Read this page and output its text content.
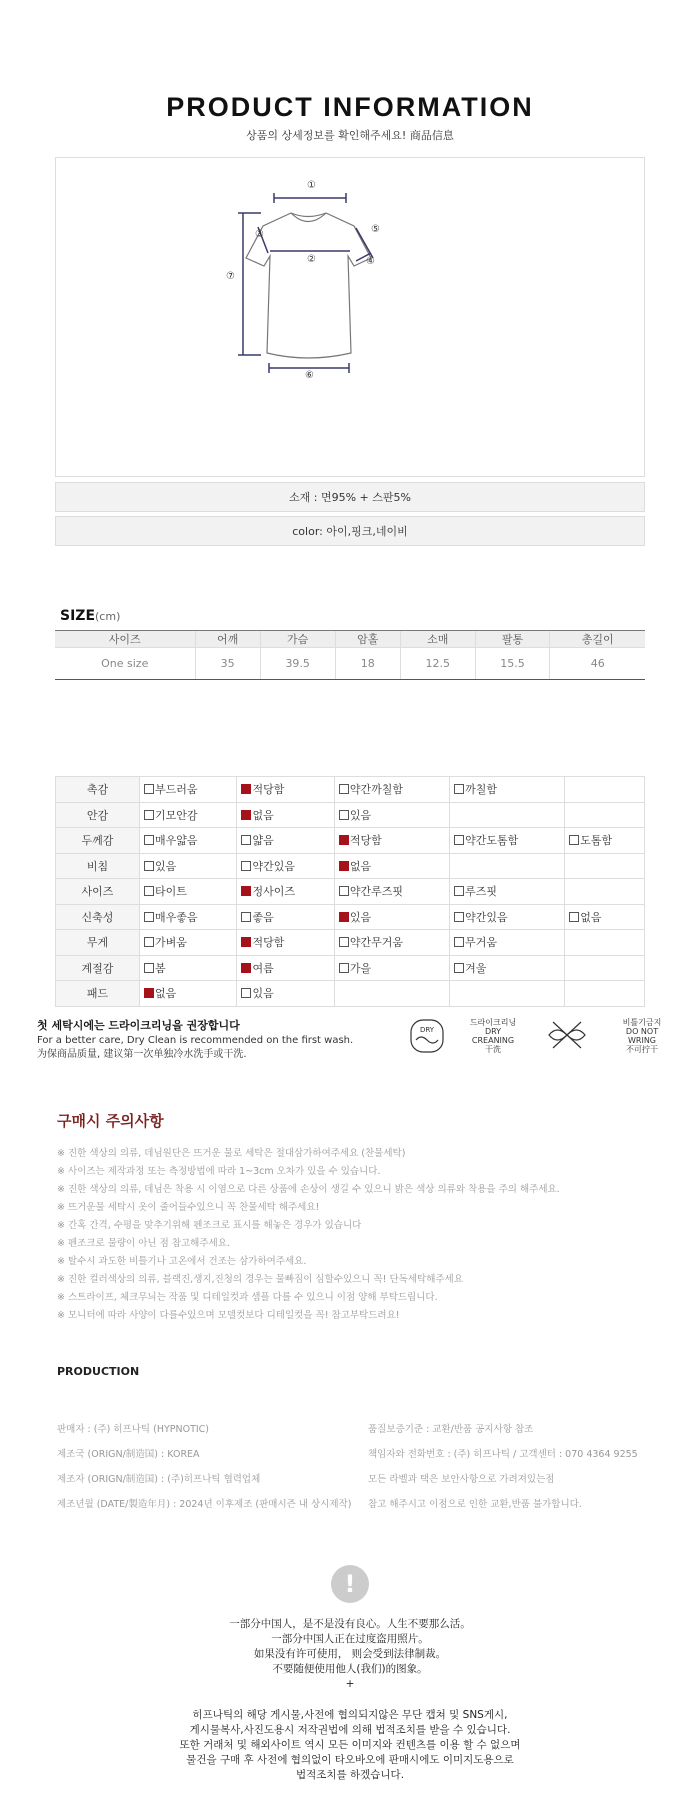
PRODUCT INFORMATION
상품의 상세정보를 확인해주세요! 商品信息
①
②
③
④
⑤
⑥
⑦
소재 : 면95% + 스판5%
color: 아이,핑크,네이비
SIZE(cm)
사이즈	어깨	가슴	암홀	소매	팔통	총길이
One size	35	39.5	18	12.5	15.5	46
촉감	부드러움	적당함	약간까칠함	까칠함	
안감	기모안감	없음	있음		
두께감	매우얇음	얇음	적당함	약간도톰함	도톰함
비침	있음	약간있음	없음		
사이즈	타이트	정사이즈	약간루즈핏	루즈핏	
신축성	매우좋음	좋음	있음	약간있음	없음
무게	가벼움	적당함	약간무거움	무거움	
계절감	봄	여름	가을	겨울	
패드	없음	있음			
첫 세탁시에는 드라이크리닝을 권장합니다
For a better care, Dry Clean is recommended on the first wash.
为保商品质量, 建议第一次单独冷水洗手或干洗.
DRY
드라이크리닝
DRY
CREANING
干洗
비틀기금지
DO NOT
WRING
不可拧干
구매시 주의사항
※ 진한 색상의 의류, 데님원단은 뜨거운 물로 세탁은 절대삼가하여주세요 (찬물세탁)
※ 사이즈는 제작과정 또는 측정방법에 따라 1~3cm 오차가 있을 수 있습니다.
※ 진한 색상의 의류, 데님은 착용 시 이염으로 다른 상품에 손상이 생길 수 있으니 밝은 색상 의류와 착용을 주의 해주세요.
※ 뜨거운물 세탁시 옷이 줄어들수있으니 꼭 찬물세탁 해주세요!
※ 간혹 간격, 수평을 맞추기위해 펜조크로 표시를 해놓은 경우가 있습니다
※ 펜조크로 물량이 아닌 점 참고해주세요.
※ 탈수시 과도한 비틀기나 고온에서 건조는 삼가하여주세요.
※ 진한 컬러색상의 의류, 블랙진,생지,진청의 경우는 물빠짐이 심할수있으니 꼭! 단독세탁해주세요
※ 스트라이프, 체크무늬는 작품 및 디테일컷과 샘플 다를 수 있으니 이점 양해 부탁드립니다.
※ 모니터에 따라 사양이 다를수있으며 모델컷보다 디테일컷을 꼭! 참고부탁드려요!
PRODUCTION
판매자 : (주) 히프나틱 (HYPNOTIC)
제조국 (ORIGN/制造国) : KOREA
제조자 (ORIGN/制造国) : (주)히프나틱 협력업체
제조년월 (DATE/製造年月) : 2024년 이후제조 (판매시즌 내 상시제작)
품질보증기준 : 교환/반품 공지사항 참조
책임자와 전화번호 : (주) 히프나틱 / 고객센터 : 070 4364 9255
모든 라벨과 택은 보안사항으로 가려져있는점
참고 해주시고 이점으로 인한 교환,반품 불가합니다.
!
一部分中国人，是不是没有良心。人生不要那么活。
一部分中国人正在过度盗用照片。
如果没有许可使用， 则会受到法律制裁。
不要随便使用他人(我们)的图象。
+
히프나틱의 해당 게시물,사전에 협의되지않은 무단 캡쳐 및 SNS게시,
게시물복사,사진도용시 저작권법에 의해 법적조치를 받을 수 있습니다.
또한 거래처 및 해외사이트 역시 모든 이미지와 컨텐츠를 이용 할 수 없으며
물건을 구매 후 사전에 협의없이 타오바오에 판매시에도 이미지도용으로
법적조치를 하겠습니다.
